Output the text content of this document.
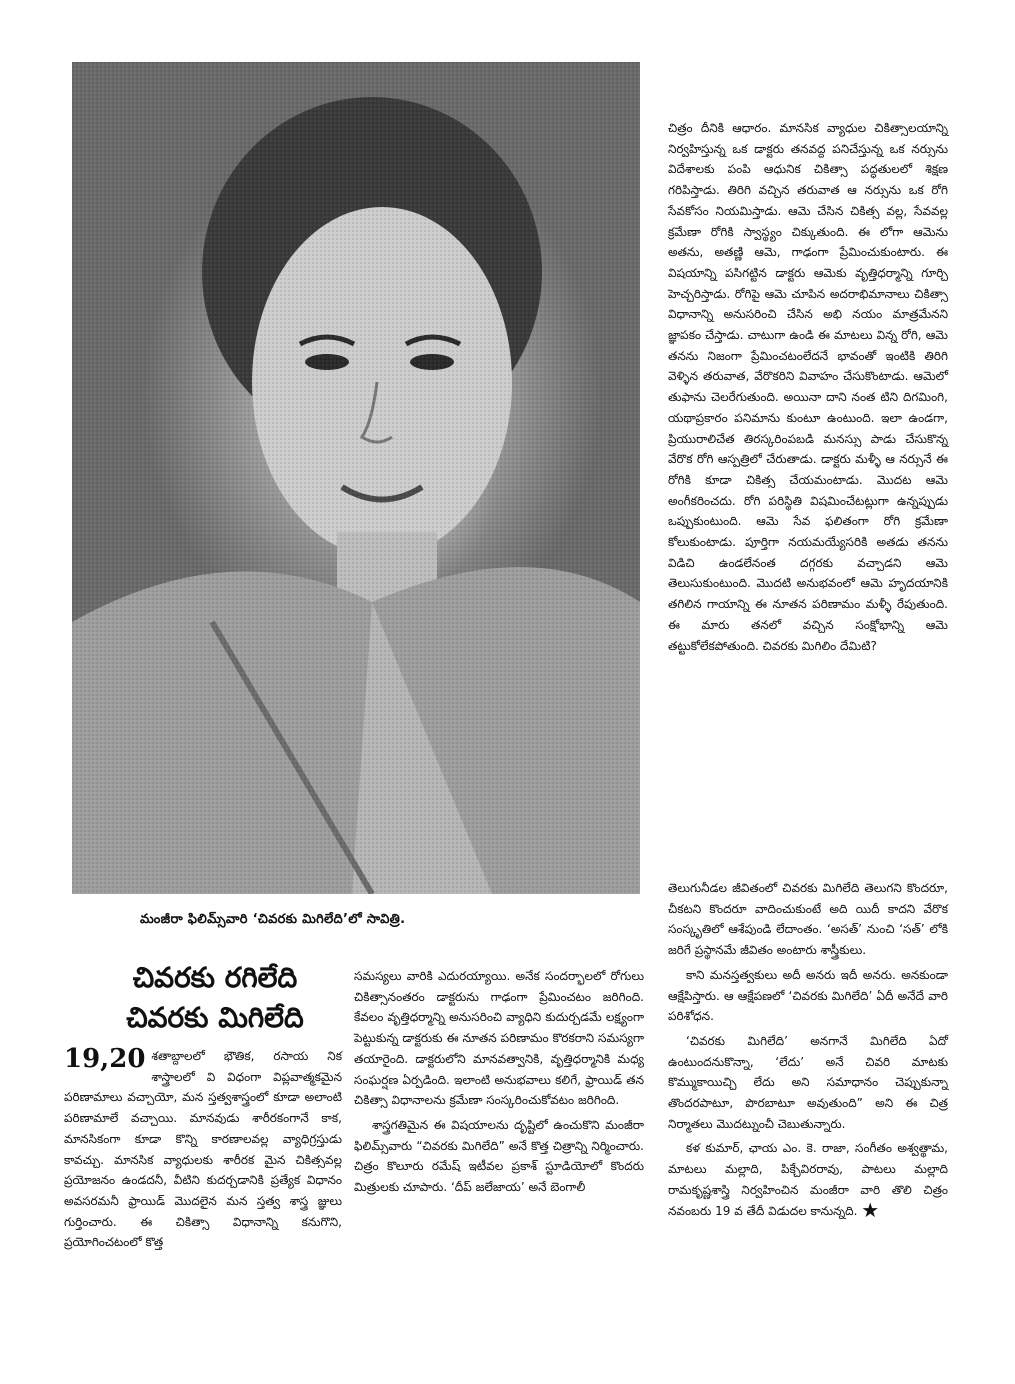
మంజీరా ఫిలిమ్స్‌వారి ‘చివరకు మిగిలేది’లో సావిత్రి.
చివరకు రగిలేది
చివరకు మిగిలేది

19,20 శతాబ్దాలలో భౌతిక, రసాయ నిక శాస్త్రాలలో వి విధంగా విప్లవాత్మకమైన పరిణామాలు వచ్చాయో, మన స్తత్వశాస్త్రంలో కూడా అలాంటి పరిణామాలే వచ్చాయి. మానవుడు శారీరకంగానే కాక, మానసికంగా కూడా కొన్ని కారణాలవల్ల వ్యాధిగ్రస్తుడు కావచ్చు. మానసిక వ్యాధులకు శారీరక మైన చికిత్సవల్ల ప్రయోజనం ఉండదనీ, వీటిని కుదర్చడానికి ప్రత్యేక విధానం అవసరమనీ ఫ్రాయిడ్ మొదలైన మన స్తత్వ శాస్త్ర జ్ఞులు గుర్తించారు. ఈ చికిత్సా విధానాన్ని కనుగొని, ప్రయోగించటంలో కొత్త

సమస్యలు వారికి ఎదురయ్యాయి. అనేక సందర్భాలలో రోగులు చికిత్సానంతరం డాక్టరును గాఢంగా ప్రేమించటం జరిగింది. కేవలం వృత్తిధర్మాన్ని అనుసరించి వ్యాధిని కుదుర్చడమే లక్ష్యంగా పెట్టుకున్న డాక్టరుకు ఈ నూతన పరిణామం కొరకరాని సమస్యగా తయారైంది. డాక్టరులోని మానవత్వానికి, వృత్తిధర్మానికి మధ్య సంఘర్షణ ఏర్పడింది. ఇలాంటి అనుభవాలు కలిగే, ఫ్రాయిడ్ తన చికిత్సా విధానాలను క్రమేణా సంస్కరించుకోవటం జరిగింది.

శాస్త్రగతిమైన ఈ విషయాలను దృష్టిలో ఉంచుకొని మంజీరా ఫిలిమ్స్‌వారు “చివరకు మిగిలేది” అనే కొత్త చిత్రాన్ని నిర్మించారు. చిత్రం కొలూరు రమేష్ ఇటీవల ప్రకాశ్ స్టూడియోలో కొందరు మిత్రులకు చూపారు. ‘దీప్ జలేజాయ’ అనే బెంగాలీ

చిత్రం దీనికి ఆధారం. మానసిక వ్యాధుల చికిత్సాలయాన్ని నిర్వహిస్తున్న ఒక డాక్టరు తనవద్ద పనిచేస్తున్న ఒక నర్సును విదేశాలకు పంపి ఆధునిక చికిత్సా పద్ధతులలో శిక్షణ గరిపిస్తాడు. తిరిగి వచ్చిన తరువాత ఆ నర్సును ఒక రోగి సేవకోసం నియమిస్తాడు. ఆమె చేసిన చికిత్స వల్ల, సేవవల్ల క్రమేణా రోగికి స్వాస్థ్యం చిక్కుతుంది. ఈ లోగా ఆమెను అతను, అతణ్ణి ఆమె, గాఢంగా ప్రేమించుకుంటారు. ఈ విషయాన్ని పసిగట్టిన డాక్టరు ఆమెకు వృత్తిధర్మాన్ని గూర్చి హెచ్చరిస్తాడు. రోగిపై ఆమె చూపిన అదరాభిమానాలు చికిత్సా విధానాన్ని అనుసరించి చేసిన అభి నయం మాత్రమేనని జ్ఞాపకం చేస్తాడు. చాటుగా ఉండి ఈ మాటలు విన్న రోగి, ఆమె తనను నిజంగా ప్రేమించటంలేదనే భావంతో ఇంటికి తిరిగి వెళ్ళిన తరువాత, వేరొకరిని వివాహం చేసుకొంటాడు. ఆమెలో తుఫాను చెలరేగుతుంది. అయినా దాని నంత టిని దిగమింగి, యథాప్రకారం పనిమాను కుంటూ ఉంటుంది. ఇలా ఉండగా, ప్రియురాలిచేత తిరస్కరింపబడి మనస్సు పాడు చేసుకొన్న వేరొక రోగి ఆస్పత్రిలో చేరుతాడు. డాక్టరు మళ్ళీ ఆ నర్సునే ఈ రోగికి కూడా చికిత్స చేయమంటాడు. మొదట ఆమె అంగీకరించదు. రోగి పరిస్థితి విషమించేటట్లుగా ఉన్నప్పుడు ఒప్పుకుంటుంది. ఆమె సేవ ఫలితంగా రోగి క్రమేణా కోలుకుంటాడు. పూర్తిగా నయమయ్యేసరికి అతడు తనను విడిచి ఉండలేనంత దగ్గరకు వచ్చాడని ఆమె తెలుసుకుంటుంది. మొదటి అనుభవంలో ఆమె హృదయానికి తగిలిన గాయాన్ని ఈ నూతన పరిణామం మళ్ళీ రేపుతుంది. ఈ మారు తనలో వచ్చిన సంక్షోభాన్ని ఆమె తట్టుకోలేకపోతుంది. చివరకు మిగిలిం దేమిటి?

తెలుగునీడల జీవితంలో చివరకు మిగిలేది తెలుగని కొందరూ, చీకటని కొందరూ వాదించుకుంటే అది యిదీ కాదని వేరొక సంస్కృతిలో ఆశేపుండి లేదాంతం. ‘అసత్’ నుంచి ‘సత్’ లోకి జరిగే ప్రస్థానమే జీవితం అంటారు శాస్త్రీకులు.

కాని మనస్తత్వకులు అదీ అనరు ఇదీ అనరు. అనకుండా ఆక్షేపిస్తారు. ఆ ఆక్షేపణలో ‘చివరకు మిగిలేది’ ఏదీ అనేదే వారి పరిశోధన.

‘చివరకు మిగిలేది’ అనగానే మిగిలేది ఏదో ఉంటుందనుకొన్నా, ‘లేదు’ అనే చివరి మాటకు కొమ్ముకాయిచ్చి లేదు అని సమాధానం చెప్పుకున్నా తొందరపాటూ, పొరబాటూ అవుతుంది” అని ఈ చిత్ర నిర్మాతలు మొదట్నుంచీ చెబుతున్నారు.

కళ కుమార్, ఛాయ ఎం. కె. రాజా, సంగీతం అశ్వత్థామ, మాటలు మల్లాది, పిక్చేవిరరావు, పాటలు మల్లాది రామకృష్ణశాస్త్రి నిర్వహించిన మంజీరా వారి తొలి చిత్రం నవంబరు 19 వ తేదీ విడుదల కానున్నది. ★
